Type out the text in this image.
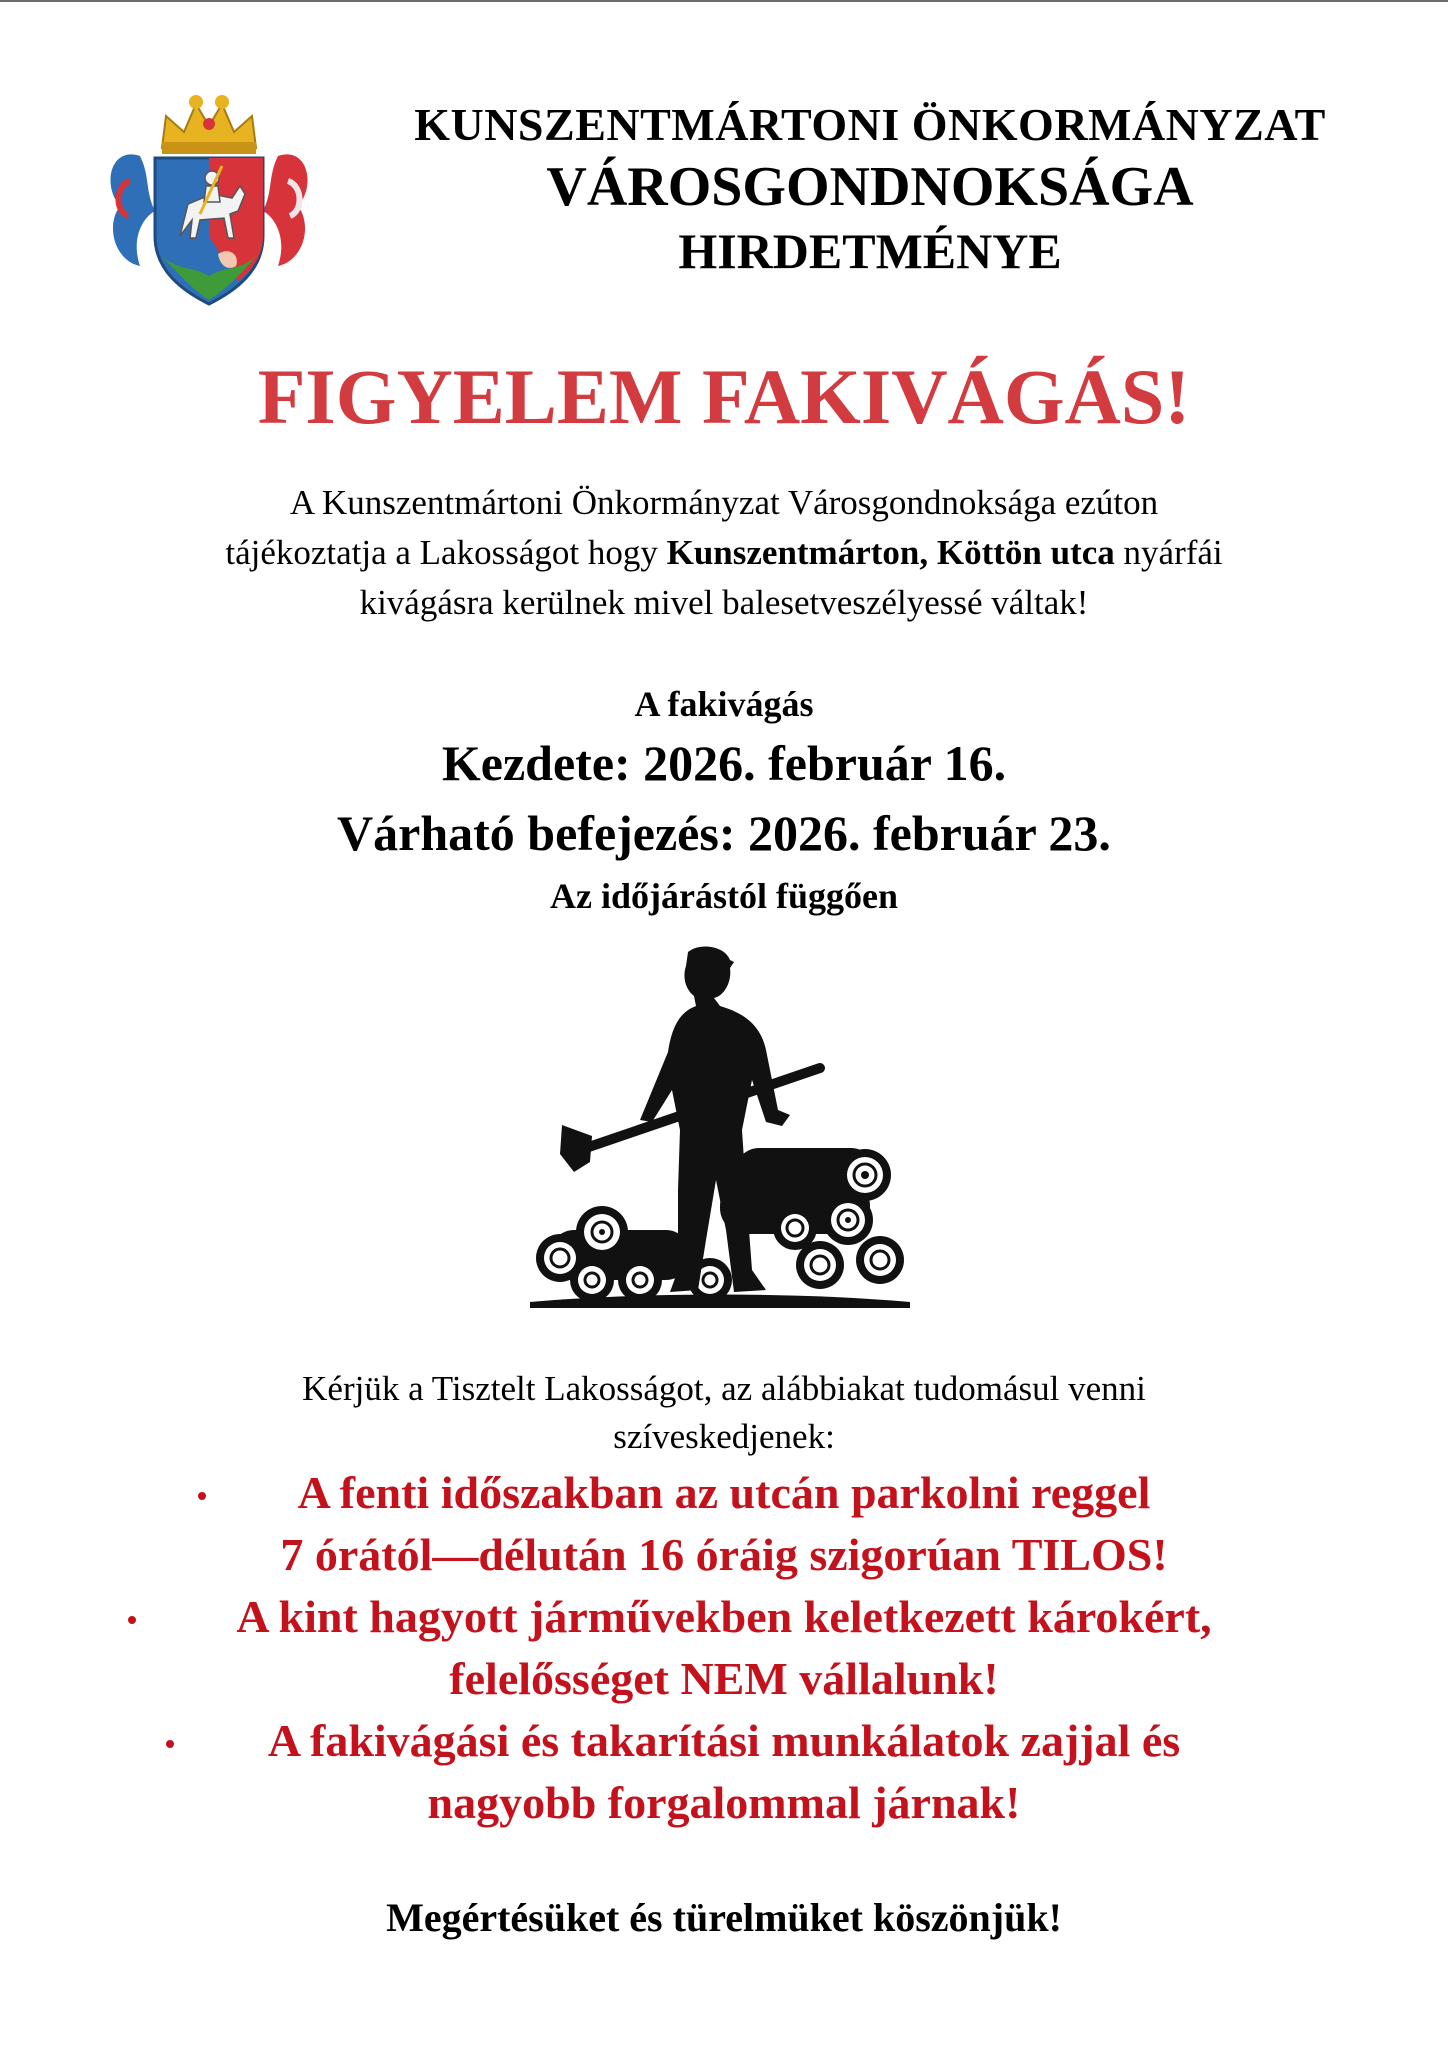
KUNSZENTMÁRTONI ÖNKORMÁNYZAT
VÁROSGONDNOKSÁGA
HIRDETMÉNYE
FIGYELEM FAKIVÁGÁS!
A Kunszentmártoni Önkormányzat Városgondnoksága ezúton
tájékoztatja a Lakosságot hogy Kunszentmárton, Köttön utca nyárfái
kivágásra kerülnek mivel balesetveszélyessé váltak!
A fakivágás
Kezdete: 2026. február 16.
Várható befejezés: 2026. február 23.
Az időjárástól függően
Kérjük a Tisztelt Lakosságot, az alábbiakat tudomásul venni
szíveskedjenek:
A fenti időszakban az utcán parkolni reggel
7 órától—délután 16 óráig szigorúan TILOS!
A kint hagyott járművekben keletkezett károkért,
felelősséget NEM vállalunk!
A fakivágási és takarítási munkálatok zajjal és
nagyobb forgalommal járnak!
Megértésüket és türelmüket köszönjük!
